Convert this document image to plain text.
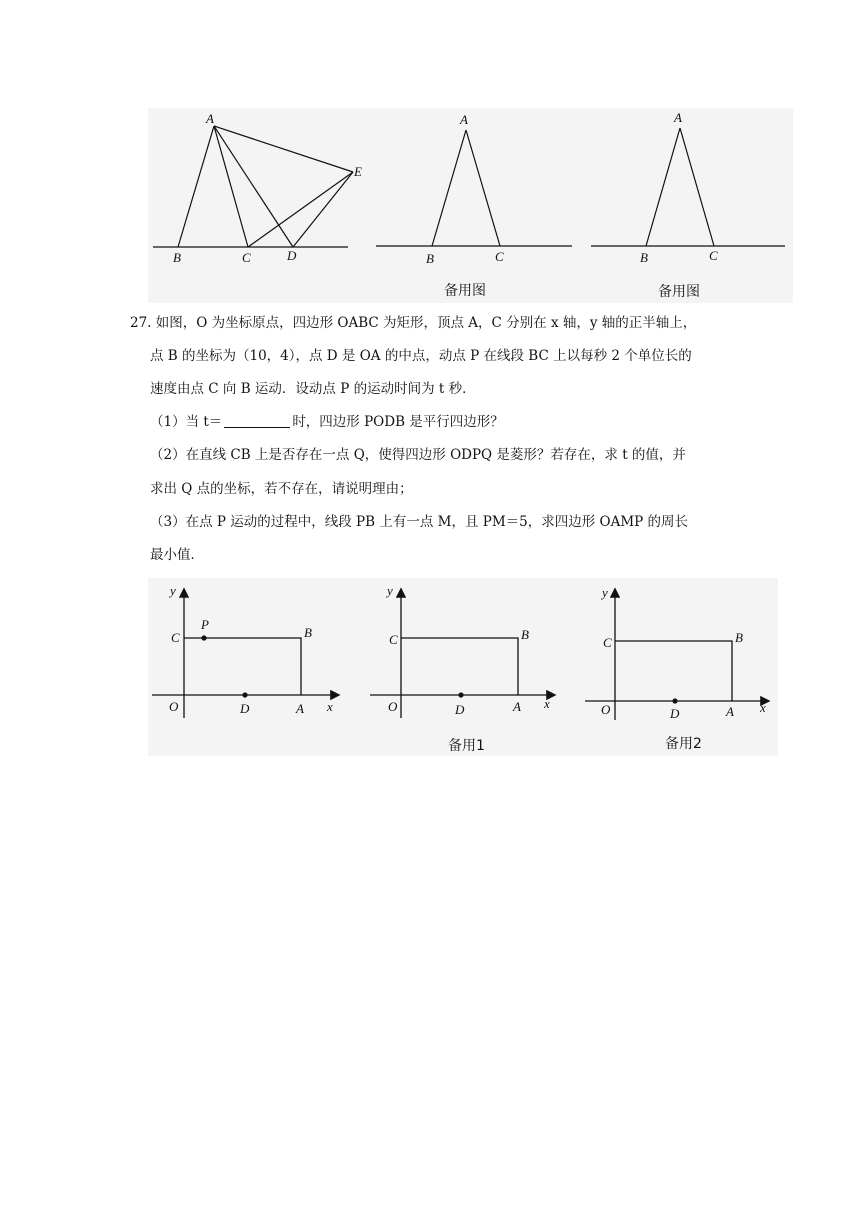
A
E
B	C	D
A
B	C
备用图
A
B	C
备用图
27. 如图，O 为坐标原点，四边形 OABC 为矩形，顶点 A，C 分别在 x 轴，y 轴的正半轴上，
点 B 的坐标为（10，4），点 D 是 OA 的中点，动点 P 在线段 BC 上以每秒 2 个单位长的
速度由点 C 向 B 运动．设动点 P 的运动时间为 t 秒．
（1）当 t＝	时，四边形 PODB 是平行四边形？
（2）在直线 CB 上是否存在一点 Q，使得四边形 ODPQ 是菱形？若存在，求 t 的值，并
求出 Q 点的坐标，若不存在，请说明理由；
（3）在点 P 运动的过程中，线段 PB 上有一点 M，且 PM＝5，求四边形 OAMP 的周长
最小值．
y
x
O
C
P
B
D	A
y
x
O
C	B
D	A
备用1
y
x
O
C	B
D	A
备用2
